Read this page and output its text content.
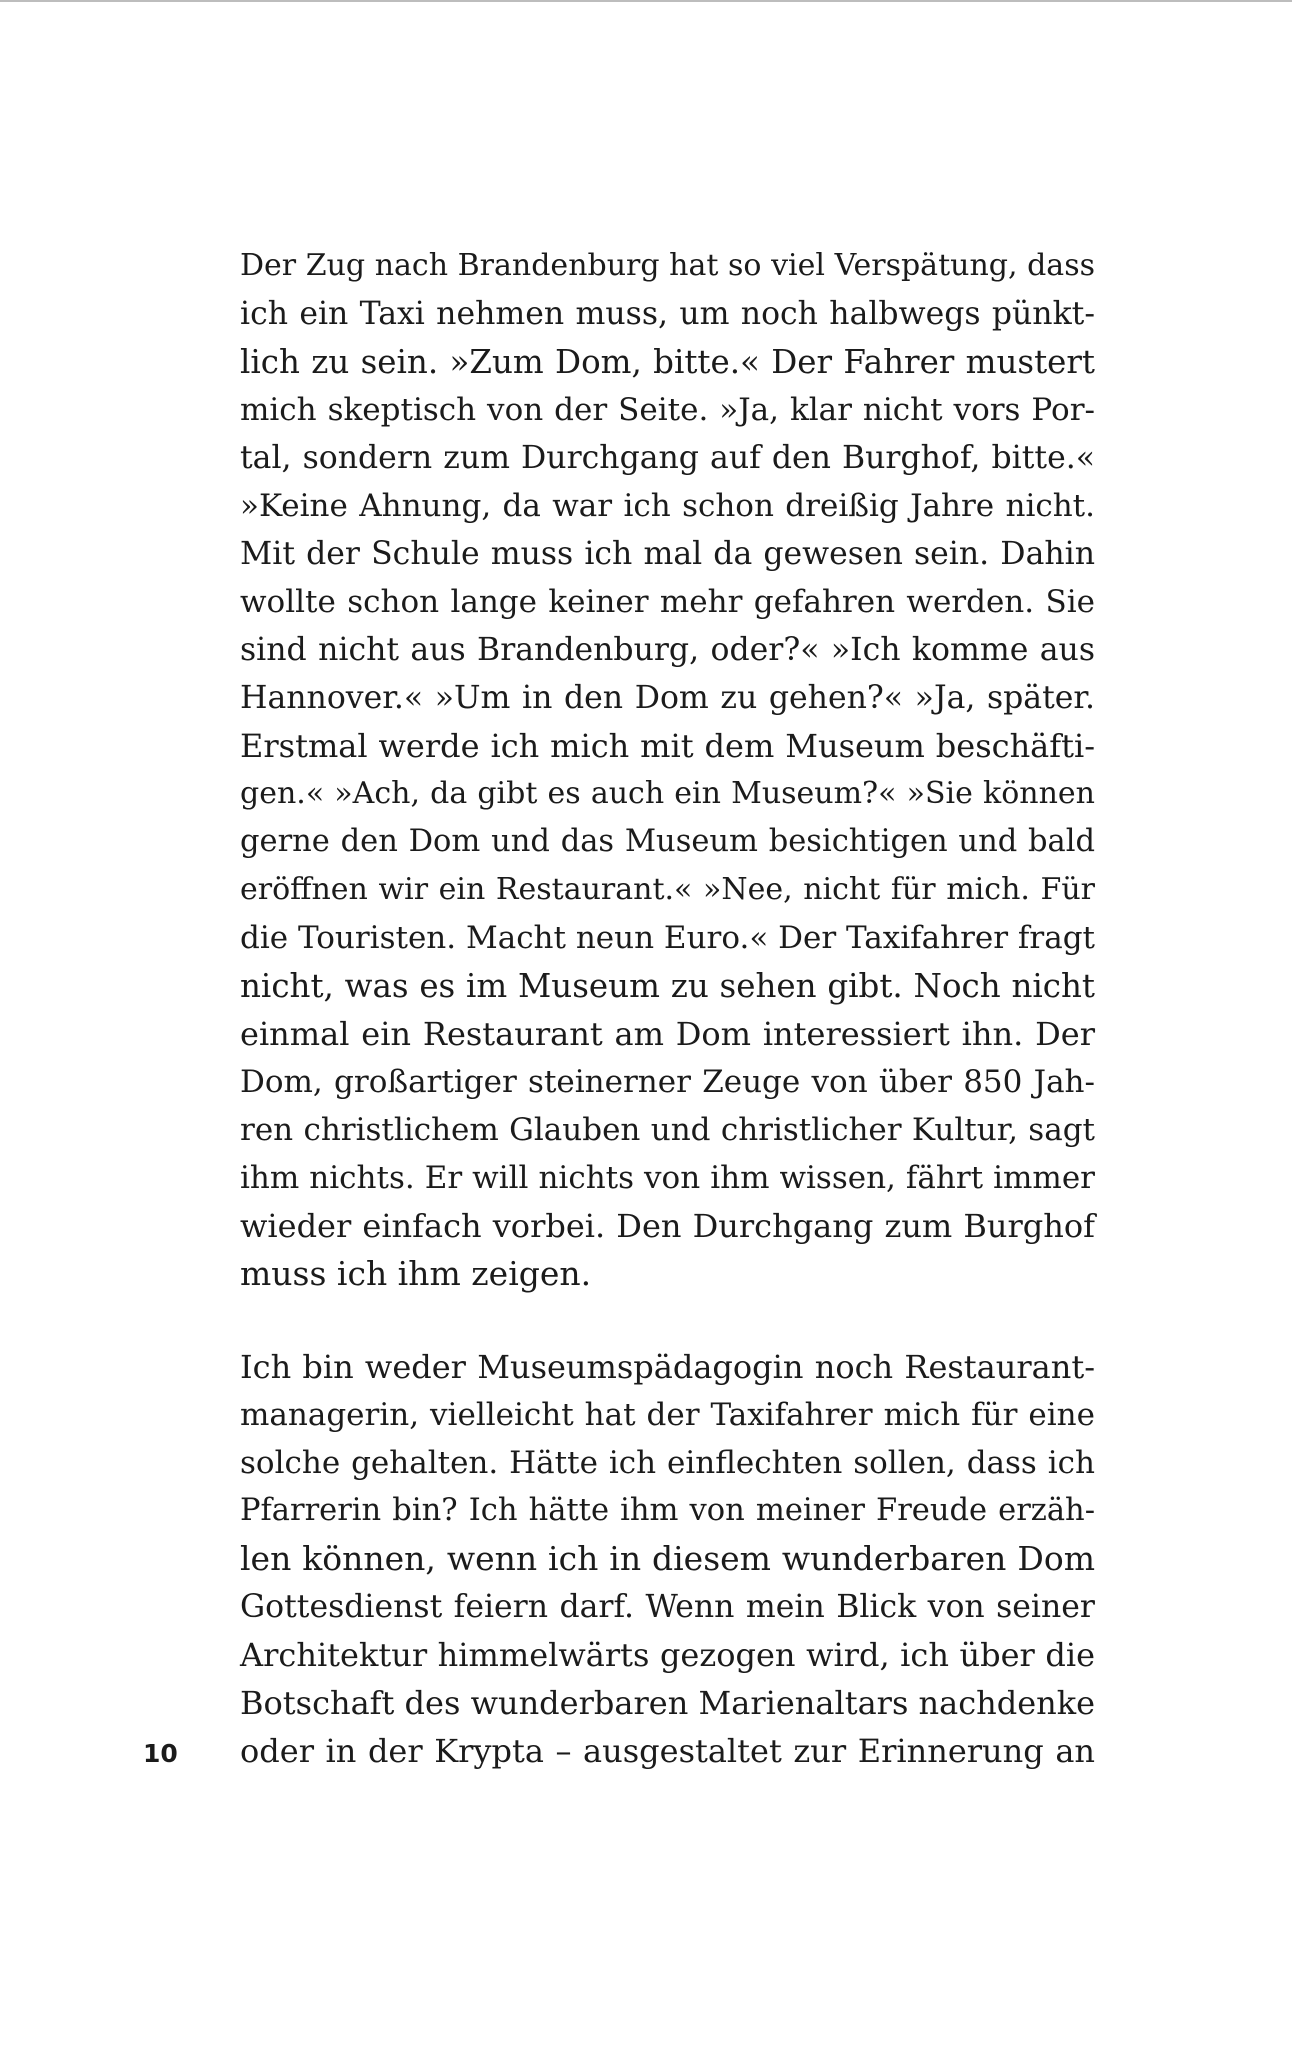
Der Zug nach Brandenburg hat so viel Verspätung, dass
ich ein Taxi nehmen muss, um noch halbwegs pünkt-
lich zu sein. »Zum Dom, bitte.« Der Fahrer mustert
mich skeptisch von der Seite. »Ja, klar nicht vors Por-
tal, sondern zum Durchgang auf den Burghof, bitte.«
»Keine Ahnung, da war ich schon dreißig Jahre nicht.
Mit der Schule muss ich mal da gewesen sein. Dahin
wollte schon lange keiner mehr gefahren werden. Sie
sind nicht aus Brandenburg, oder?« »Ich komme aus
Hannover.« »Um in den Dom zu gehen?« »Ja, später.
Erstmal werde ich mich mit dem Museum beschäfti-
gen.« »Ach, da gibt es auch ein Museum?« »Sie können
gerne den Dom und das Museum besichtigen und bald
eröffnen wir ein Restaurant.« »Nee, nicht für mich. Für
die Touristen. Macht neun Euro.« Der Taxifahrer fragt
nicht, was es im Museum zu sehen gibt. Noch nicht
einmal ein Restaurant am Dom interessiert ihn. Der
Dom, großartiger steinerner Zeuge von über 850 Jah-
ren christlichem Glauben und christlicher Kultur, sagt
ihm nichts. Er will nichts von ihm wissen, fährt immer
wieder einfach vorbei. Den Durchgang zum Burghof
muss ich ihm zeigen.
Ich bin weder Museumspädagogin noch Restaurant-
managerin, vielleicht hat der Taxifahrer mich für eine
solche gehalten. Hätte ich einflechten sollen, dass ich
Pfarrerin bin? Ich hätte ihm von meiner Freude erzäh-
len können, wenn ich in diesem wunderbaren Dom
Gottesdienst feiern darf. Wenn mein Blick von seiner
Architektur himmelwärts gezogen wird, ich über die
Botschaft des wunderbaren Marienaltars nachdenke
oder in der Krypta – ausgestaltet zur Erinnerung an
10
